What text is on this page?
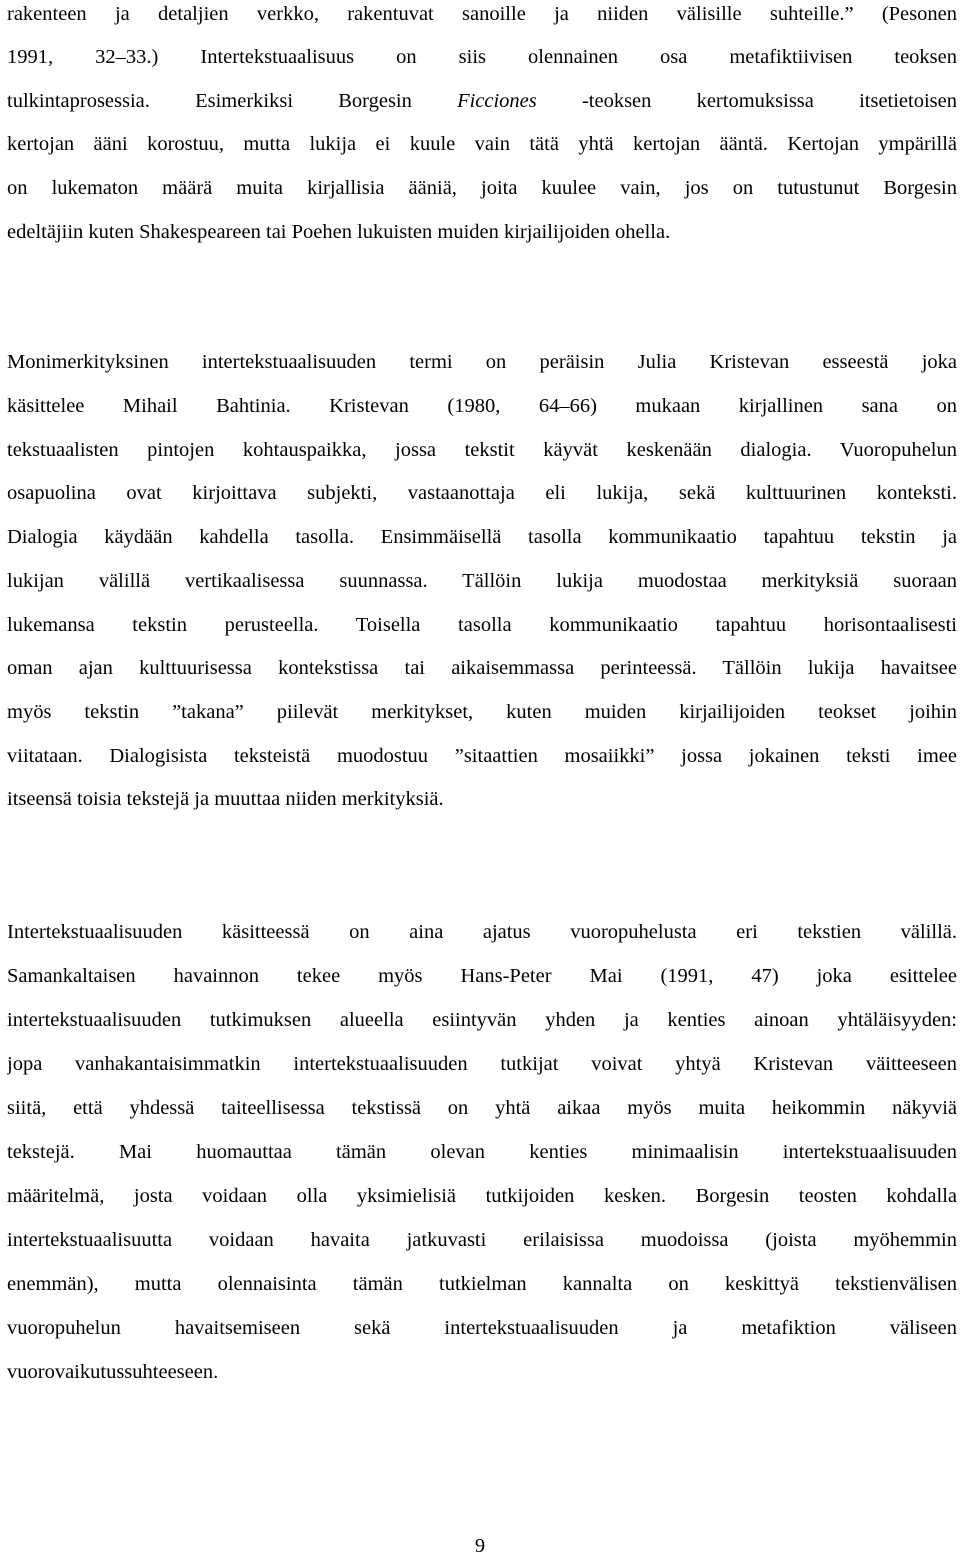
rakenteen ja detaljien verkko, rakentuvat sanoille ja niiden välisille suhteille.” (Pesonen
1991, 32–33.) Intertekstuaalisuus on siis olennainen osa metafiktiivisen teoksen
tulkintaprosessia. Esimerkiksi Borgesin Ficciones -teoksen kertomuksissa itsetietoisen
kertojan ääni korostuu, mutta lukija ei kuule vain tätä yhtä kertojan ääntä. Kertojan ympärillä
on lukematon määrä muita kirjallisia ääniä, joita kuulee vain, jos on tutustunut Borgesin
edeltäjiin kuten Shakespeareen tai Poehen lukuisten muiden kirjailijoiden ohella.
Monimerkityksinen intertekstuaalisuuden termi on peräisin Julia Kristevan esseestä joka
käsittelee Mihail Bahtinia. Kristevan (1980, 64–66) mukaan kirjallinen sana on
tekstuaalisten pintojen kohtauspaikka, jossa tekstit käyvät keskenään dialogia. Vuoropuhelun
osapuolina ovat kirjoittava subjekti, vastaanottaja eli lukija, sekä kulttuurinen konteksti.
Dialogia käydään kahdella tasolla. Ensimmäisellä tasolla kommunikaatio tapahtuu tekstin ja
lukijan välillä vertikaalisessa suunnassa. Tällöin lukija muodostaa merkityksiä suoraan
lukemansa tekstin perusteella. Toisella tasolla kommunikaatio tapahtuu horisontaalisesti
oman ajan kulttuurisessa kontekstissa tai aikaisemmassa perinteessä. Tällöin lukija havaitsee
myös tekstin ”takana” piilevät merkitykset, kuten muiden kirjailijoiden teokset joihin
viitataan. Dialogisista teksteistä muodostuu ”sitaattien mosaiikki” jossa jokainen teksti imee
itseensä toisia tekstejä ja muuttaa niiden merkityksiä.
Intertekstuaalisuuden käsitteessä on aina ajatus vuoropuhelusta eri tekstien välillä.
Samankaltaisen havainnon tekee myös Hans-Peter Mai (1991, 47) joka esittelee
intertekstuaalisuuden tutkimuksen alueella esiintyvän yhden ja kenties ainoan yhtäläisyyden:
jopa vanhakantaisimmatkin intertekstuaalisuuden tutkijat voivat yhtyä Kristevan väitteeseen
siitä, että yhdessä taiteellisessa tekstissä on yhtä aikaa myös muita heikommin näkyviä
tekstejä. Mai huomauttaa tämän olevan kenties minimaalisin intertekstuaalisuuden
määritelmä, josta voidaan olla yksimielisiä tutkijoiden kesken. Borgesin teosten kohdalla
intertekstuaalisuutta voidaan havaita jatkuvasti erilaisissa muodoissa (joista myöhemmin
enemmän), mutta olennaisinta tämän tutkielman kannalta on keskittyä tekstienvälisen
vuoropuhelun havaitsemiseen sekä intertekstuaalisuuden ja metafiktion väliseen
vuorovaikutussuhteeseen.
9
